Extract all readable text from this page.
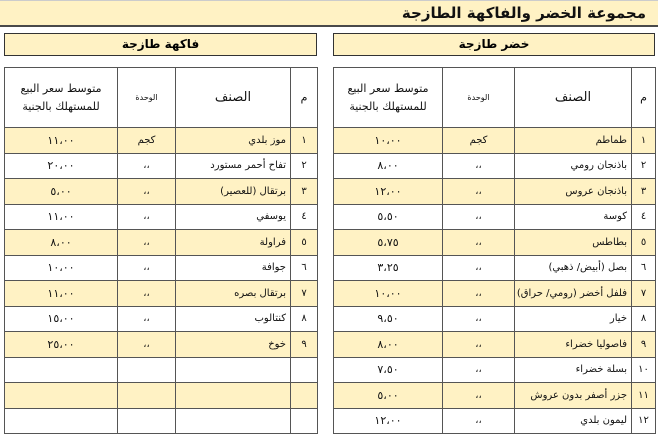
مجموعة الخضر والفاكهة الطازجة
خضر طازجة
م	الصنف	الوحدة	متوسط سعر البيع
للمستهلك بالجنية
١	طماطم	كجم	١٠،٠٠
٢	باذنجان رومي	،،	٨،٠٠
٣	باذنجان عروس	،،	١٢،٠٠
٤	كوسة	،،	٥،٥٠
٥	بطاطس	،،	٥،٧٥
٦	بصل (أبيض/ ذهبي)	،،	٣،٢٥
٧	فلفل أخضر (رومي/ حراق)	،،	١٠،٠٠
٨	خيار	،،	٩،٥٠
٩	فاصوليا خضراء	،،	٨،٠٠
١٠	بسلة خضراء	،،	٧،٥٠
١١	جزر أصفر بدون عروش	،،	٥،٠٠
١٢	ليمون بلدي	،،	١٢،٠٠
فاكهة طازجة
م	الصنف	الوحدة	متوسط سعر البيع
للمستهلك بالجنية
١	موز بلدي	كجم	١١،٠٠
٢	تفاح أحمر مستورد	،،	٢٠،٠٠
٣	برتقال (للعصير)	،،	٥،٠٠
٤	يوسفي	،،	١١،٠٠
٥	فراولة	،،	٨،٠٠
٦	جوافة	،،	١٠،٠٠
٧	برتقال بصره	،،	١١،٠٠
٨	كنتالوب	،،	١٥،٠٠
٩	خوخ	،،	٢٥،٠٠
